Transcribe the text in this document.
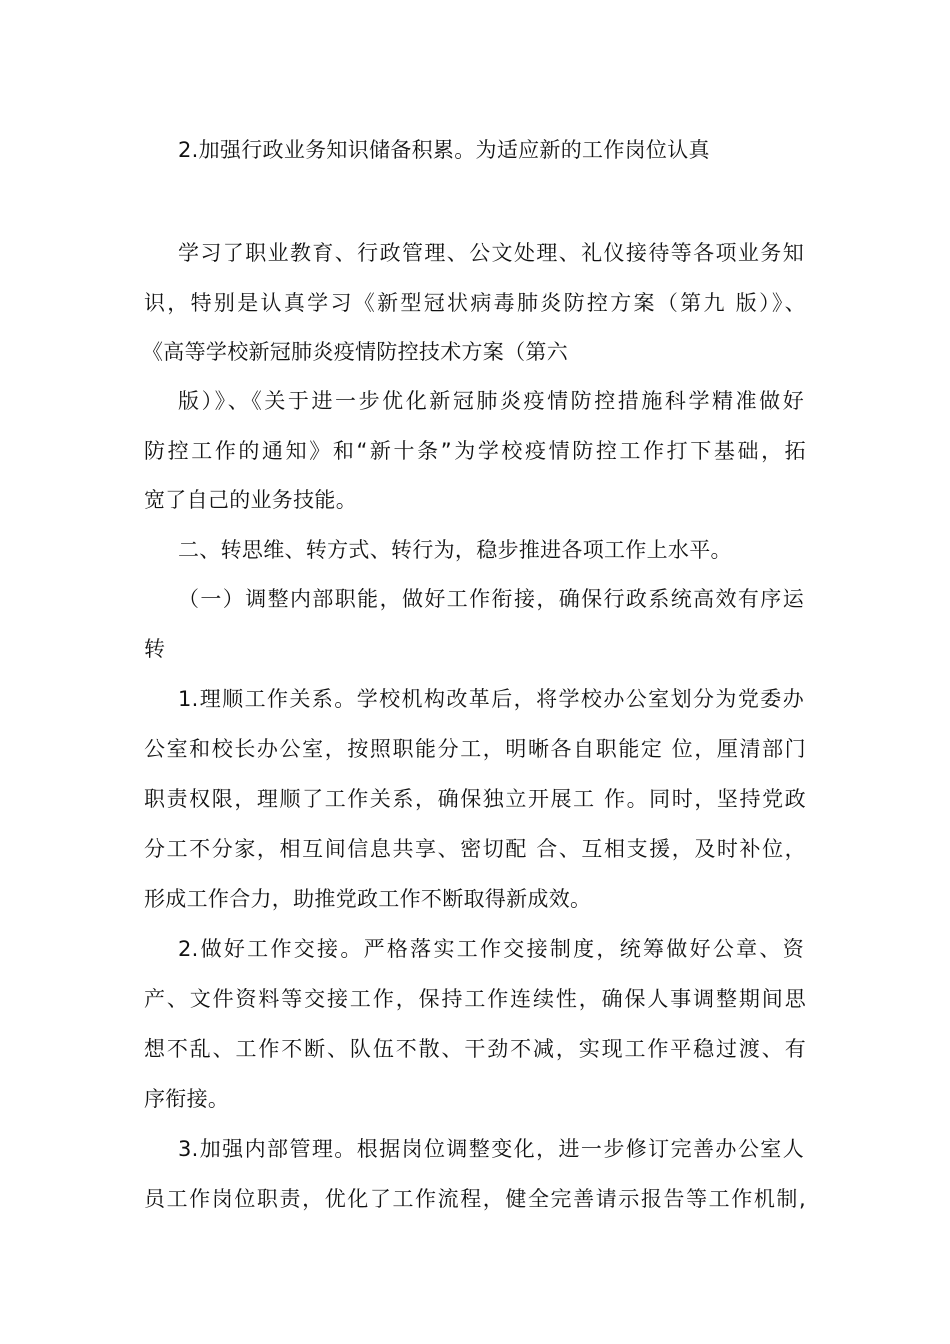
2.加强行政业务知识储备积累。为适应新的工作岗位认真
学习了职业教育、行政管理、公文处理、礼仪接待等各项业务知
识，特别是认真学习《新型冠状病毒肺炎防控方案（第九 版）》、
《高等学校新冠肺炎疫情防控技术方案（第六
版）》、《关于进一步优化新冠肺炎疫情防控措施科学精准做好
防控工作的通知》和“新十条”为学校疫情防控工作打下基础，拓
宽了自己的业务技能。
二、转思维、转方式、转行为，稳步推进各项工作上水平。
（一）调整内部职能，做好工作衔接，确保行政系统高效有序运
转
1.理顺工作关系。学校机构改革后，将学校办公室划分为党委办
公室和校长办公室，按照职能分工，明晰各自职能定 位，厘清部门
职责权限，理顺了工作关系，确保独立开展工 作。同时，坚持党政
分工不分家，相互间信息共享、密切配 合、互相支援，及时补位，
形成工作合力，助推党政工作不断取得新成效。
2.做好工作交接。严格落实工作交接制度，统筹做好公章、资
产、文件资料等交接工作，保持工作连续性，确保人事调整期间思
想不乱、工作不断、队伍不散、干劲不减，实现工作平稳过渡、有
序衔接。
3.加强内部管理。根据岗位调整变化，进一步修订完善办公室人
员工作岗位职责，优化了工作流程，健全完善请示报告等工作机制,
